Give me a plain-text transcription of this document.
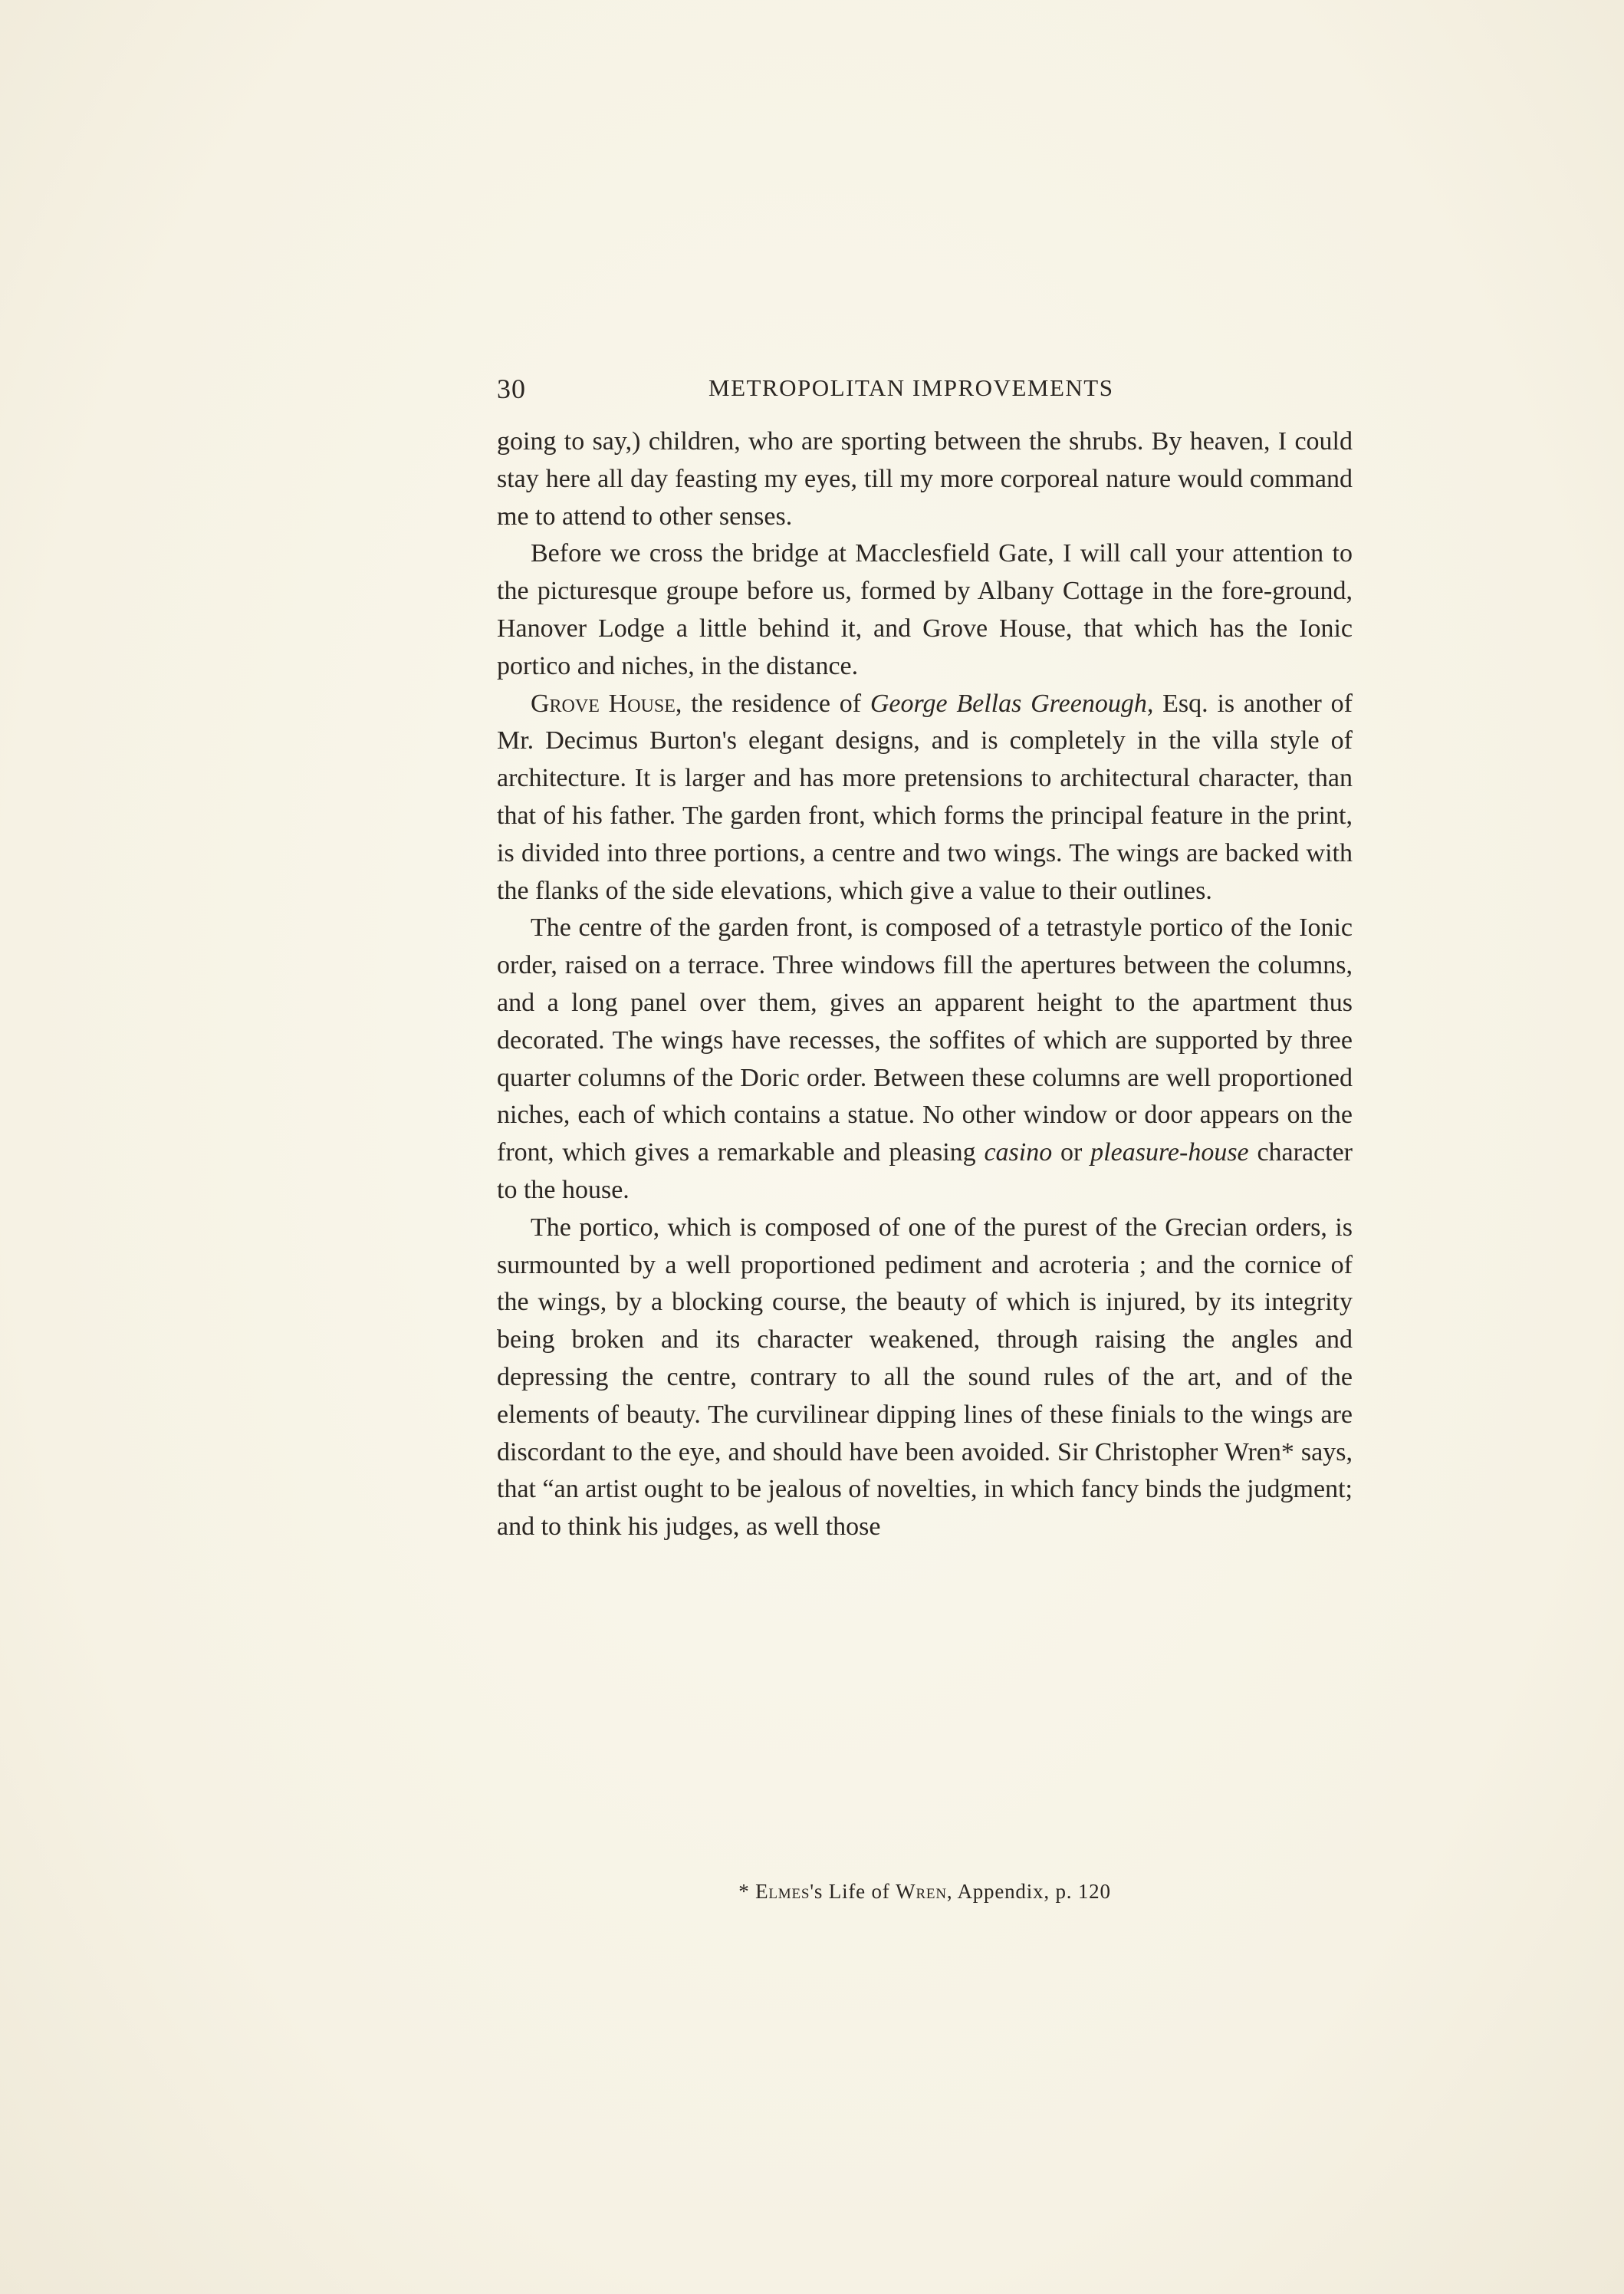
30	METROPOLITAN IMPROVEMENTS

going to say,) children, who are sporting between the shrubs. By heaven, I could stay here all day feasting my eyes, till my more corporeal nature would command me to attend to other senses.

Before we cross the bridge at Macclesfield Gate, I will call your attention to the picturesque groupe before us, formed by Albany Cottage in the fore-ground, Hanover Lodge a little behind it, and Grove House, that which has the Ionic portico and niches, in the distance.

Grove House, the residence of George Bellas Greenough, Esq. is another of Mr. Decimus Burton's elegant designs, and is completely in the villa style of architecture. It is larger and has more pretensions to architectural character, than that of his father. The garden front, which forms the principal feature in the print, is divided into three portions, a centre and two wings. The wings are backed with the flanks of the side elevations, which give a value to their outlines.

The centre of the garden front, is composed of a tetrastyle portico of the Ionic order, raised on a terrace. Three windows fill the apertures between the columns, and a long panel over them, gives an apparent height to the apartment thus decorated. The wings have recesses, the soffites of which are supported by three quarter columns of the Doric order. Between these columns are well proportioned niches, each of which contains a statue. No other window or door appears on the front, which gives a remarkable and pleasing casino or pleasure-house character to the house.

The portico, which is composed of one of the purest of the Grecian orders, is surmounted by a well proportioned pediment and acroteria ; and the cornice of the wings, by a blocking course, the beauty of which is injured, by its integrity being broken and its character weakened, through raising the angles and depressing the centre, contrary to all the sound rules of the art, and of the elements of beauty. The curvilinear dipping lines of these finials to the wings are discordant to the eye, and should have been avoided. Sir Christopher Wren* says, that “an artist ought to be jealous of novelties, in which fancy binds the judgment; and to think his judges, as well those

* Elmes's Life of Wren, Appendix, p. 120
